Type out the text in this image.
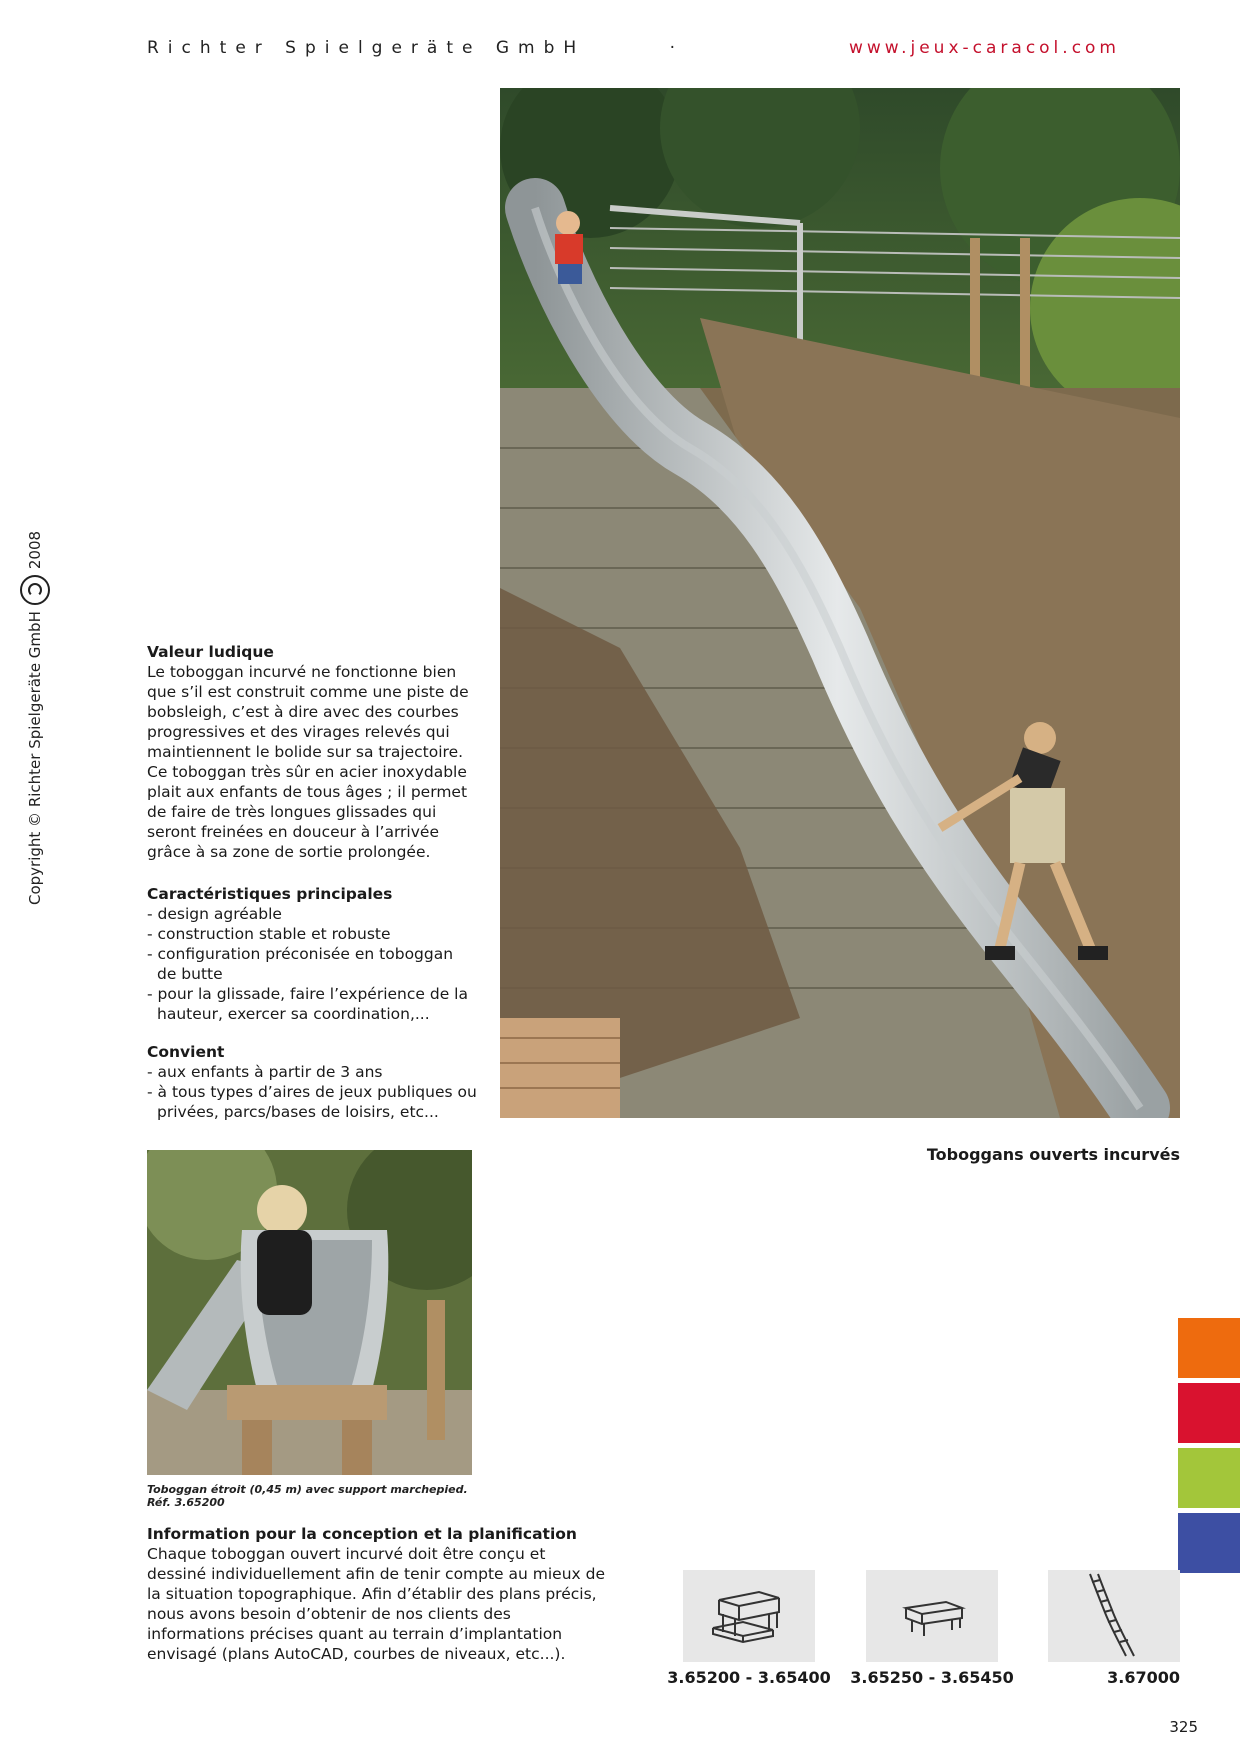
Richter Spielgeräte GmbH	·	www.jeux-caracol.com
Copyright © Richter Spielgeräte GmbH
2008
Valeur ludique

Le toboggan incurvé ne fonctionne bien que s’il est construit comme une piste de bobsleigh, c’est à dire avec des courbes progressives et des virages relevés qui maintiennent le bolide sur sa trajectoire. Ce toboggan très sûr en acier inoxydable plait aux enfants de tous âges ; il permet de faire de très longues glissades qui seront freinées en douceur à l’arrivée grâce à sa zone de sortie prolongée.

Caractéristiques principales
- design agréable
- construction stable et robuste
- configuration préconisée en toboggan de butte
- pour la glissade, faire l’expérience de la hauteur, exercer sa coordination,...
Convient
- aux enfants à partir de 3 ans
- à tous types d’aires de jeux publiques ou privées, parcs/bases de loisirs, etc...
Toboggans ouverts incurvés
Toboggan étroit (0,45 m) avec support marchepied.
Réf. 3.65200
Information pour la conception et la planification

Chaque toboggan ouvert incurvé doit être conçu et dessiné individuellement afin de tenir compte au mieux de la situation topographique. Afin d’établir des plans précis, nous avons besoin d’obtenir de nos clients des informations précises quant au terrain d’implantation envisagé (plans AutoCAD, courbes de niveaux, etc...).

3.65200 - 3.65400	3.65250 - 3.65450	3.67000
325
